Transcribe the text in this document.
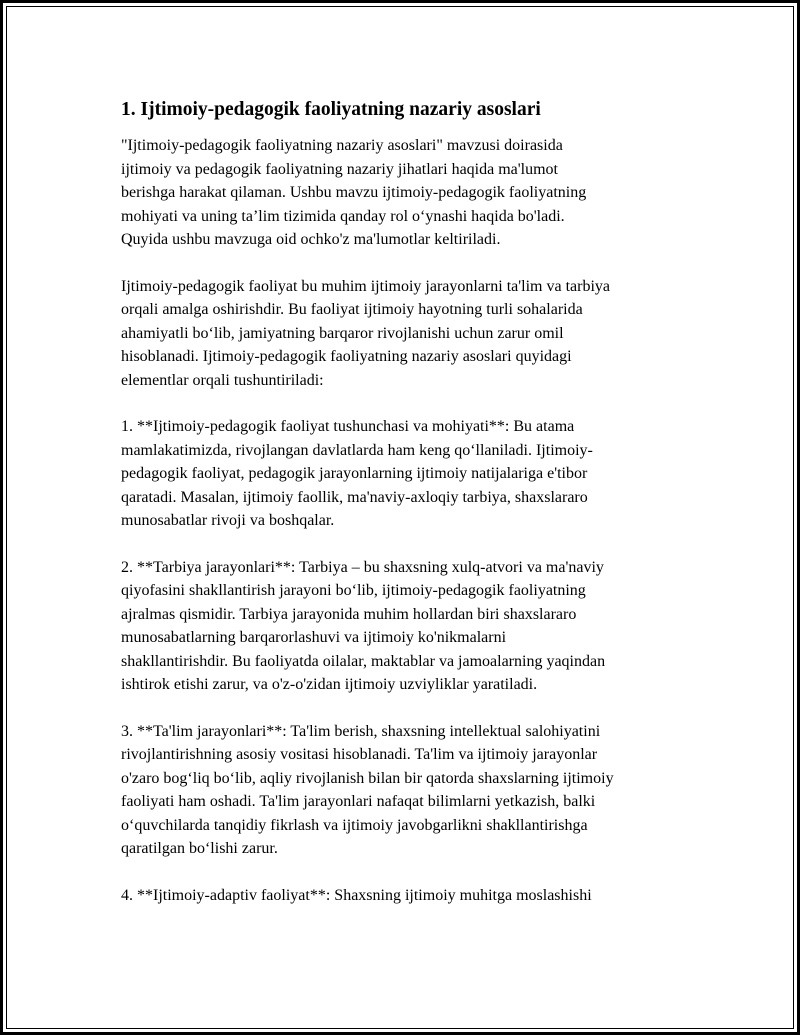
1. Ijtimoiy-pedagogik faoliyatning nazariy asoslari

"Ijtimoiy-pedagogik faoliyatning nazariy asoslari" mavzusi doirasida
ijtimoiy va pedagogik faoliyatning nazariy jihatlari haqida ma'lumot
berishga harakat qilaman. Ushbu mavzu ijtimoiy-pedagogik faoliyatning
mohiyati va uning ta’lim tizimida qanday rol o‘ynashi haqida bo'ladi.
Quyida ushbu mavzuga oid ochko'z ma'lumotlar keltiriladi.

Ijtimoiy-pedagogik faoliyat bu muhim ijtimoiy jarayonlarni ta'lim va tarbiya
orqali amalga oshirishdir. Bu faoliyat ijtimoiy hayotning turli sohalarida
ahamiyatli bo‘lib, jamiyatning barqaror rivojlanishi uchun zarur omil
hisoblanadi. Ijtimoiy-pedagogik faoliyatning nazariy asoslari quyidagi
elementlar orqali tushuntiriladi:

1. **Ijtimoiy-pedagogik faoliyat tushunchasi va mohiyati**: Bu atama
mamlakatimizda, rivojlangan davlatlarda ham keng qo‘llaniladi. Ijtimoiy-
pedagogik faoliyat, pedagogik jarayonlarning ijtimoiy natijalariga e'tibor
qaratadi. Masalan, ijtimoiy faollik, ma'naviy-axloqiy tarbiya, shaxslararo
munosabatlar rivoji va boshqalar.

2. **Tarbiya jarayonlari**: Tarbiya – bu shaxsning xulq-atvori va ma'naviy
qiyofasini shakllantirish jarayoni bo‘lib, ijtimoiy-pedagogik faoliyatning
ajralmas qismidir. Tarbiya jarayonida muhim hollardan biri shaxslararo
munosabatlarning barqarorlashuvi va ijtimoiy ko'nikmalarni
shakllantirishdir. Bu faoliyatda oilalar, maktablar va jamoalarning yaqindan
ishtirok etishi zarur, va o'z-o'zidan ijtimoiy uzviyliklar yaratiladi.

3. **Ta'lim jarayonlari**: Ta'lim berish, shaxsning intellektual salohiyatini
rivojlantirishning asosiy vositasi hisoblanadi. Ta'lim va ijtimoiy jarayonlar
o'zaro bog‘liq bo‘lib, aqliy rivojlanish bilan bir qatorda shaxslarning ijtimoiy
faoliyati ham oshadi. Ta'lim jarayonlari nafaqat bilimlarni yetkazish, balki
o‘quvchilarda tanqidiy fikrlash va ijtimoiy javobgarlikni shakllantirishga
qaratilgan bo‘lishi zarur.

4. **Ijtimoiy-adaptiv faoliyat**: Shaxsning ijtimoiy muhitga moslashishi
